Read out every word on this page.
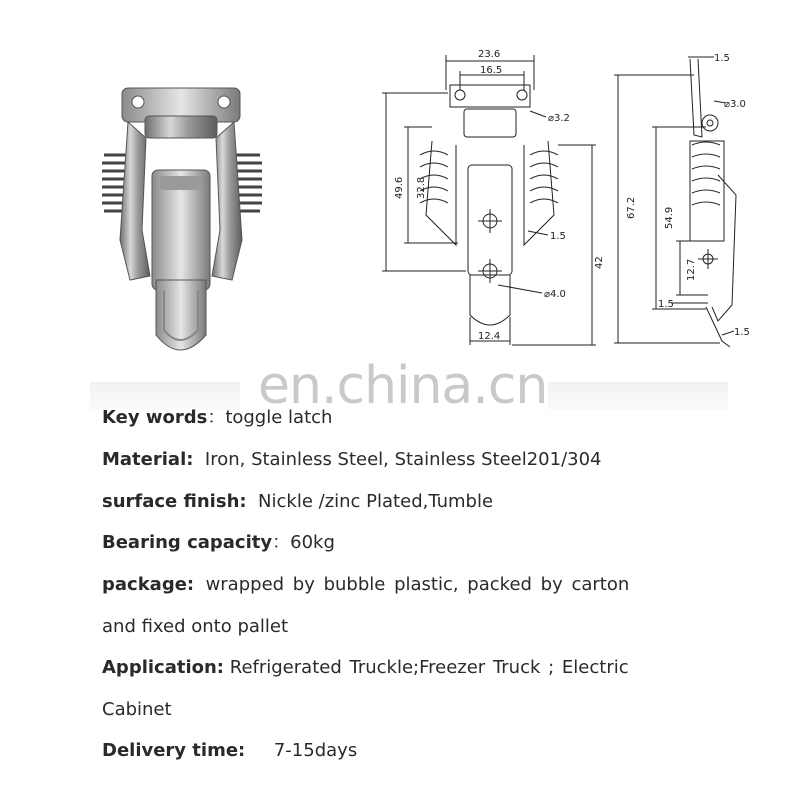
23.6
16.5
⌀3.2
49.6 32.8
1.5
42
⌀4.0
12.4
1.5
⌀3.0
67.2	54.9
12.7
1.5
1.5
en.china.cn
Key words：toggle latch
Material: Iron, Stainless Steel, Stainless Steel201/304
surface finish: Nickle /zinc Plated,Tumble
Bearing capacity：60kg
package: wrapped by bubble plastic, packed by carton
and fixed onto pallet
Application: Refrigerated Truckle;Freezer Truck ; Electric
Cabinet
Delivery time: 7-15days
